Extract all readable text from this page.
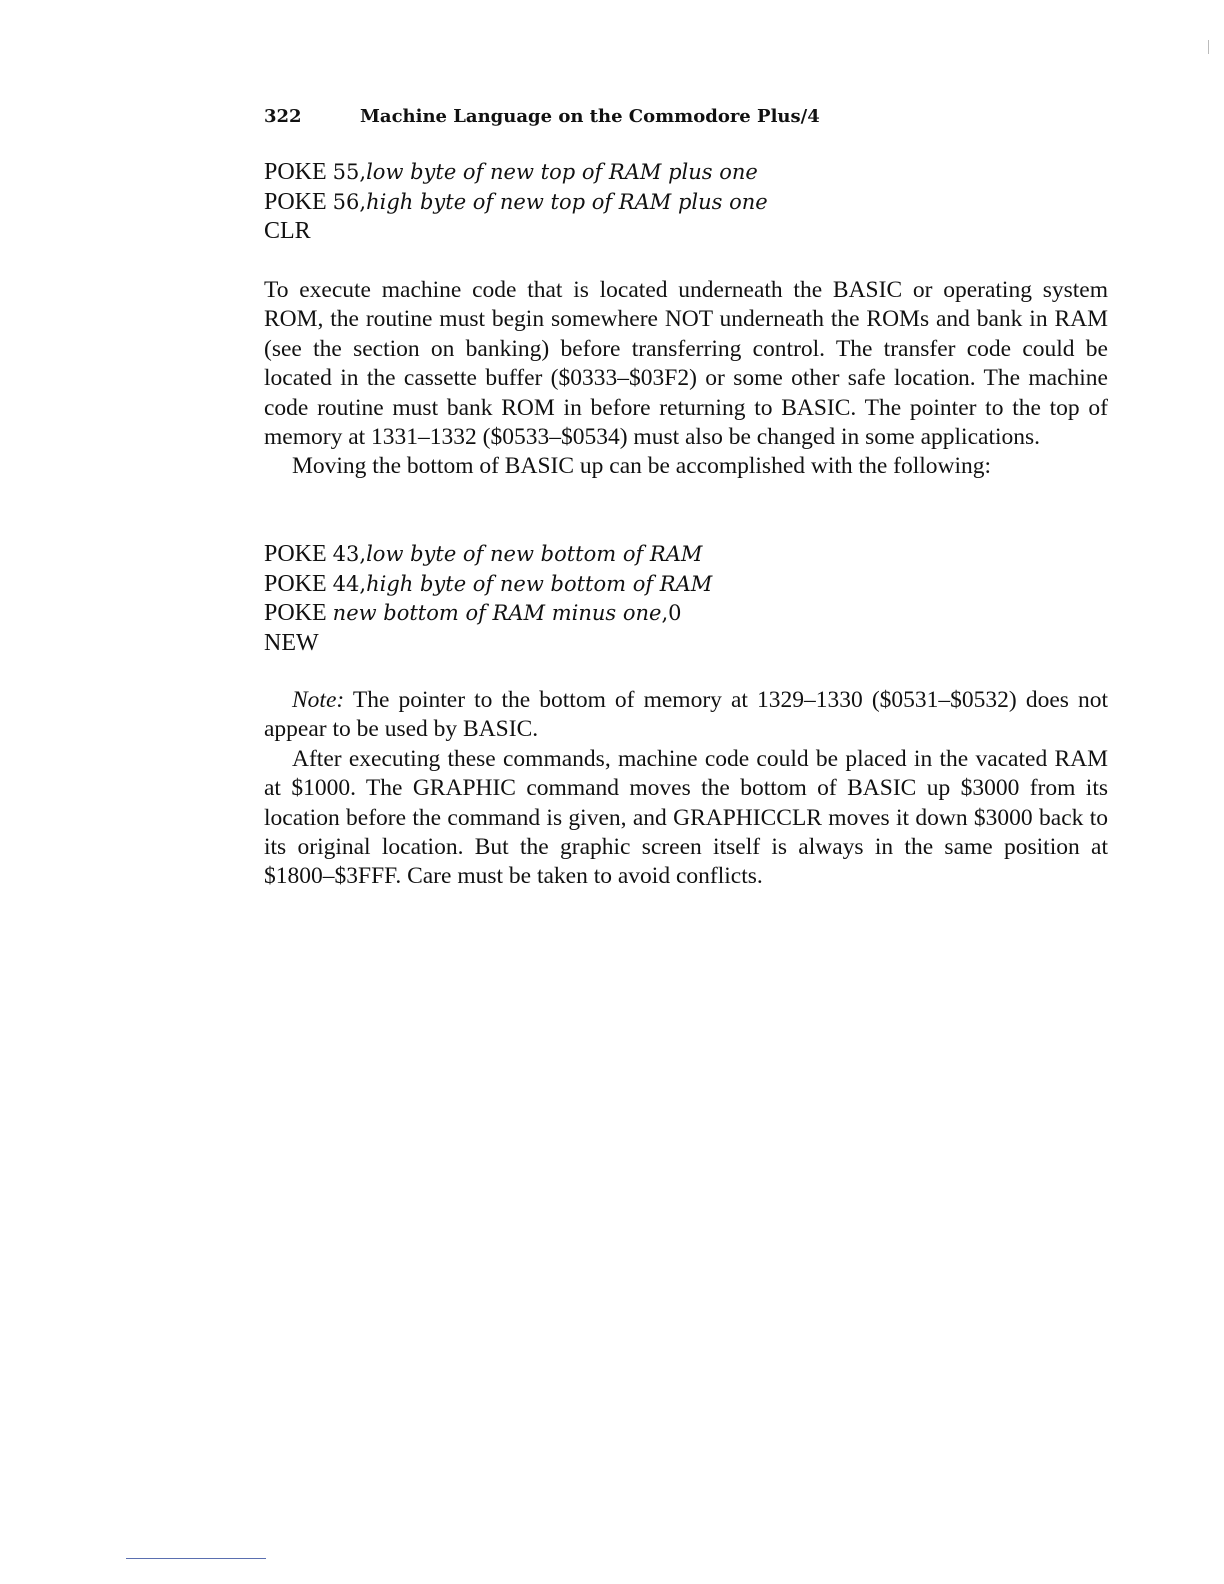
322	Machine Language on the Commodore Plus/4
POKE 55,low byte of new top of RAM plus one
POKE 56,high byte of new top of RAM plus one
CLR

To execute machine code that is located underneath the BASIC or operating system ROM, the routine must begin somewhere NOT underneath the ROMs and bank in RAM (see the section on banking) before transferring control. The transfer code could be located in the cassette buffer ($0333–$03F2) or some other safe location. The machine code routine must bank ROM in before returning to BASIC. The pointer to the top of memory at 1331–1332 ($0533–$0534) must also be changed in some applications.

Moving the bottom of BASIC up can be accomplished with the following:

POKE 43,low byte of new bottom of RAM
POKE 44,high byte of new bottom of RAM
POKE new bottom of RAM minus one,0
NEW

Note: The pointer to the bottom of memory at 1329–1330 ($0531–$0532) does not appear to be used by BASIC.

After executing these commands, machine code could be placed in the vacated RAM at $1000. The GRAPHIC command moves the bottom of BASIC up $3000 from its location before the command is given, and GRAPHICCLR moves it down $3000 back to its original location. But the graphic screen itself is always in the same position at $1800–$3FFF. Care must be taken to avoid conflicts.
